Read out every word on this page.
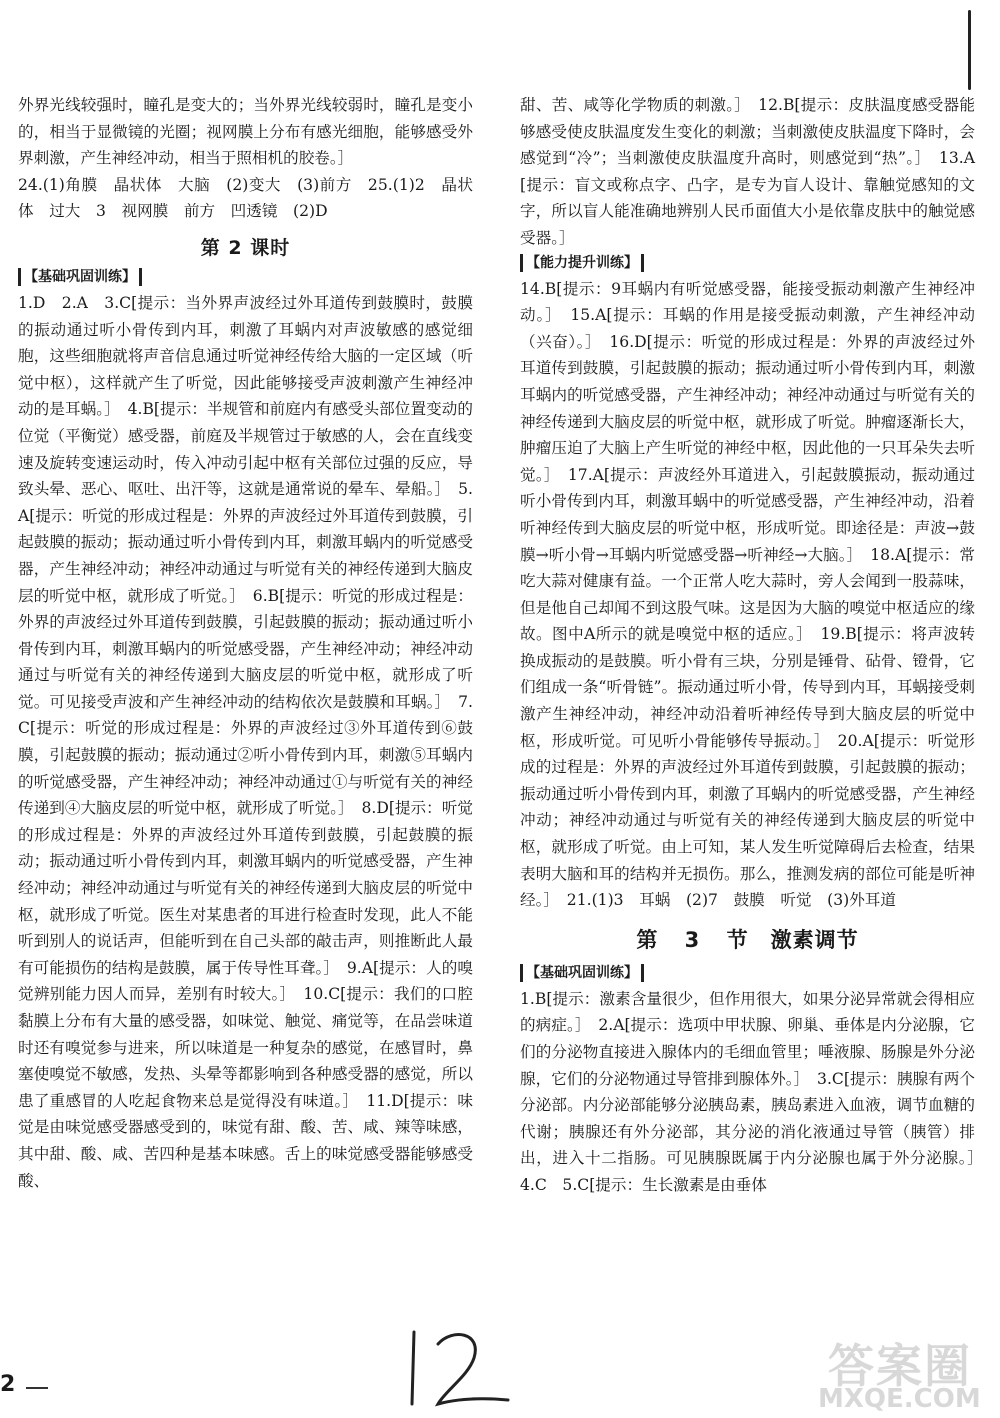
外界光线较强时，瞳孔是变大的；当外界光线较弱时，瞳孔是变小的，相当于显微镜的光圈；视网膜上分布有感光细胞，能够感受外界刺激，产生神经冲动，相当于照相机的胶卷。］

24.(1)角膜　晶状体　大脑　(2)变大　(3)前方　25.(1)2　晶状体　过大　3　视网膜　前方　凹透镜　(2)D

第 2 课时
【基础巩固训练】

1.D　2.A　3.C[提示：当外界声波经过外耳道传到鼓膜时，鼓膜的振动通过听小骨传到内耳，刺激了耳蜗内对声波敏感的感觉细胞，这些细胞就将声音信息通过听觉神经传给大脑的一定区域（听觉中枢），这样就产生了听觉，因此能够接受声波刺激产生神经冲动的是耳蜗。］　4.B[提示：半规管和前庭内有感受头部位置变动的位觉（平衡觉）感受器，前庭及半规管过于敏感的人，会在直线变速及旋转变速运动时，传入冲动引起中枢有关部位过强的反应，导致头晕、恶心、呕吐、出汗等，这就是通常说的晕车、晕船。］　5.A[提示：听觉的形成过程是：外界的声波经过外耳道传到鼓膜，引起鼓膜的振动；振动通过听小骨传到内耳，刺激耳蜗内的听觉感受器，产生神经冲动；神经冲动通过与听觉有关的神经传递到大脑皮层的听觉中枢，就形成了听觉。］　6.B[提示：听觉的形成过程是：外界的声波经过外耳道传到鼓膜，引起鼓膜的振动；振动通过听小骨传到内耳，刺激耳蜗内的听觉感受器，产生神经冲动；神经冲动通过与听觉有关的神经传递到大脑皮层的听觉中枢，就形成了听觉。可见接受声波和产生神经冲动的结构依次是鼓膜和耳蜗。］　7.C[提示：听觉的形成过程是：外界的声波经过③外耳道传到⑥鼓膜，引起鼓膜的振动；振动通过②听小骨传到内耳，刺激⑤耳蜗内的听觉感受器，产生神经冲动；神经冲动通过①与听觉有关的神经传递到④大脑皮层的听觉中枢，就形成了听觉。］　8.D[提示：听觉的形成过程是：外界的声波经过外耳道传到鼓膜，引起鼓膜的振动；振动通过听小骨传到内耳，刺激耳蜗内的听觉感受器，产生神经冲动；神经冲动通过与听觉有关的神经传递到大脑皮层的听觉中枢，就形成了听觉。医生对某患者的耳进行检查时发现，此人不能听到别人的说话声，但能听到在自己头部的敲击声，则推断此人最有可能损伤的结构是鼓膜，属于传导性耳聋。］　9.A[提示：人的嗅觉辨别能力因人而异，差别有时较大。］　10.C[提示：我们的口腔黏膜上分布有大量的感受器，如味觉、触觉、痛觉等，在品尝味道时还有嗅觉参与进来，所以味道是一种复杂的感觉，在感冒时，鼻塞使嗅觉不敏感，发热、头晕等都影响到各种感受器的感觉，所以患了重感冒的人吃起食物来总是觉得没有味道。］　11.D[提示：味觉是由味觉感受器感受到的，味觉有甜、酸、苦、咸、辣等味感，其中甜、酸、咸、苦四种是基本味感。舌上的味觉感受器能够感受酸、

甜、苦、咸等化学物质的刺激。］　12.B[提示：皮肤温度感受器能够感受使皮肤温度发生变化的刺激；当刺激使皮肤温度下降时，会感觉到“冷”；当刺激使皮肤温度升高时，则感觉到“热”。］　13.A[提示：盲文或称点字、凸字，是专为盲人设计、靠触觉感知的文字，所以盲人能准确地辨别人民币面值大小是依靠皮肤中的触觉感受器。］

【能力提升训练】

14.B[提示：9耳蜗内有听觉感受器，能接受振动刺激产生神经冲动。］　15.A[提示：耳蜗的作用是接受振动刺激，产生神经冲动（兴奋）。］　16.D[提示：听觉的形成过程是：外界的声波经过外耳道传到鼓膜，引起鼓膜的振动；振动通过听小骨传到内耳，刺激耳蜗内的听觉感受器，产生神经冲动；神经冲动通过与听觉有关的神经传递到大脑皮层的听觉中枢，就形成了听觉。肿瘤逐渐长大，肿瘤压迫了大脑上产生听觉的神经中枢，因此他的一只耳朵失去听觉。］　17.A[提示：声波经外耳道进入，引起鼓膜振动，振动通过听小骨传到内耳，刺激耳蜗中的听觉感受器，产生神经冲动，沿着听神经传到大脑皮层的听觉中枢，形成听觉。即途径是：声波→鼓膜→听小骨→耳蜗内听觉感受器→听神经→大脑。］　18.A[提示：常吃大蒜对健康有益。一个正常人吃大蒜时，旁人会闻到一股蒜味，但是他自己却闻不到这股气味。这是因为大脑的嗅觉中枢适应的缘故。图中A所示的就是嗅觉中枢的适应。］　19.B[提示：将声波转换成振动的是鼓膜。听小骨有三块，分别是锤骨、砧骨、镫骨，它们组成一条“听骨链”。振动通过听小骨，传导到内耳，耳蜗接受刺激产生神经冲动，神经冲动沿着听神经传导到大脑皮层的听觉中枢，形成听觉。可见听小骨能够传导振动。］　20.A[提示：听觉形成的过程是：外界的声波经过外耳道传到鼓膜，引起鼓膜的振动；振动通过听小骨传到内耳，刺激了耳蜗内的听觉感受器，产生神经冲动；神经冲动通过与听觉有关的神经传递到大脑皮层的听觉中枢，就形成了听觉。由上可知，某人发生听觉障碍后去检查，结果表明大脑和耳的结构并无损伤。那么，推测发病的部位可能是听神经。］　21.(1)3　耳蜗　(2)7　鼓膜　听觉　(3)外耳道

第 3 节　激素调节
【基础巩固训练】

1.B[提示：激素含量很少，但作用很大，如果分泌异常就会得相应的病症。］　2.A[提示：选项中甲状腺、卵巢、垂体是内分泌腺，它们的分泌物直接进入腺体内的毛细血管里；唾液腺、肠腺是外分泌腺，它们的分泌物通过导管排到腺体外。］　3.C[提示：胰腺有两个分泌部。内分泌部能够分泌胰岛素，胰岛素进入血液，调节血糖的代谢；胰腺还有外分泌部，其分泌的消化液通过导管（胰管）排出，进入十二指肠。可见胰腺既属于内分泌腺也属于外分泌腺。］　4.C　5.C[提示：生长激素是由垂体

2	答案圈
MXQE.COM
